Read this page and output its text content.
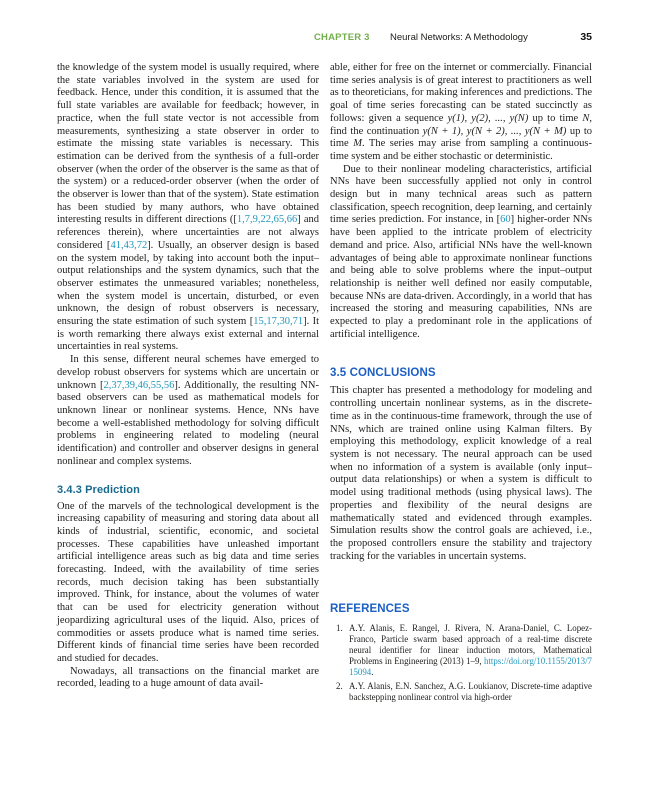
CHAPTER 3 Neural Networks: A Methodology	35

the knowledge of the system model is usually required, where the state variables involved in the system are used for feedback. Hence, under this condition, it is assumed that the full state variables are available for feedback; however, in practice, when the full state vector is not accessible from measurements, synthesizing a state observer in order to estimate the missing state variables is necessary. This estimation can be derived from the synthesis of a full-order observer (when the order of the observer is the same as that of the system) or a reduced-order observer (when the order of the observer is lower than that of the system). State estimation has been studied by many authors, who have obtained interesting results in different directions ([1,7,9,22,65,66] and references therein), where uncertainties are not always considered [41,43,72]. Usually, an observer design is based on the system model, by taking into account both the input–output relationships and the system dynamics, such that the observer estimates the unmeasured variables; nonetheless, when the system model is uncertain, disturbed, or even unknown, the design of robust observers is necessary, ensuring the state estimation of such system [15,17,30,71]. It is worth remarking there always exist external and internal uncertainties in real systems.

In this sense, different neural schemes have emerged to develop robust observers for systems which are uncertain or unknown [2,37,39,46,55,56]. Additionally, the resulting NN-based observers can be used as mathematical models for unknown linear or nonlinear systems. Hence, NNs have become a well-established methodology for solving difficult problems in engineering related to modeling (neural identification) and controller and observer designs in general nonlinear and complex systems.

3.4.3 Prediction

One of the marvels of the technological development is the increasing capability of measuring and storing data about all kinds of industrial, scientific, economic, and societal processes. These capabilities have unleashed important artificial intelligence areas such as big data and time series forecasting. Indeed, with the availability of time series records, much decision taking has been substantially improved. Think, for instance, about the volumes of water that can be used for electricity generation without jeopardizing agricultural uses of the liquid. Also, prices of commodities or assets produce what is named time series. Different kinds of financial time series have been recorded and studied for decades.

Nowadays, all transactions on the financial market are recorded, leading to a huge amount of data avail-

able, either for free on the internet or commercially. Financial time series analysis is of great interest to practitioners as well as to theoreticians, for making inferences and predictions. The goal of time series forecasting can be stated succinctly as follows: given a sequence y(1), y(2), ..., y(N) up to time N, find the continuation y(N + 1), y(N + 2), ..., y(N + M) up to time M. The series may arise from sampling a continuous-time system and be either stochastic or deterministic.

Due to their nonlinear modeling characteristics, artificial NNs have been successfully applied not only in control design but in many technical areas such as pattern classification, speech recognition, deep learning, and certainly time series prediction. For instance, in [60] higher-order NNs have been applied to the intricate problem of electricity demand and price. Also, artificial NNs have the well-known advantages of being able to approximate nonlinear functions and being able to solve problems where the input–output relationship is neither well defined nor easily computable, because NNs are data-driven. Accordingly, in a world that has increased the storing and measuring capabilities, NNs are expected to play a predominant role in the applications of artificial intelligence.

3.5 CONCLUSIONS

This chapter has presented a methodology for modeling and controlling uncertain nonlinear systems, as in the discrete-time as in the continuous-time framework, through the use of NNs, which are trained online using Kalman filters. By employing this methodology, explicit knowledge of a real system is not necessary. The neural approach can be used when no information of a system is available (only input–output data relationships) or when a system is difficult to model using traditional methods (using physical laws). The properties and flexibility of the neural designs are mathematically stated and evidenced through examples. Simulation results show the control goals are achieved, i.e., the proposed controllers ensure the stability and trajectory tracking for the variables in uncertain systems.

REFERENCES
1. A.Y. Alanis, E. Rangel, J. Rivera, N. Arana-Daniel, C. Lopez-Franco, Particle swarm based approach of a real-time discrete neural identifier for linear induction motors, Mathematical Problems in Engineering (2013) 1–9, https://doi.org/10.1155/2013/715094.
2. A.Y. Alanis, E.N. Sanchez, A.G. Loukianov, Discrete-time adaptive backstepping nonlinear control via high-order
